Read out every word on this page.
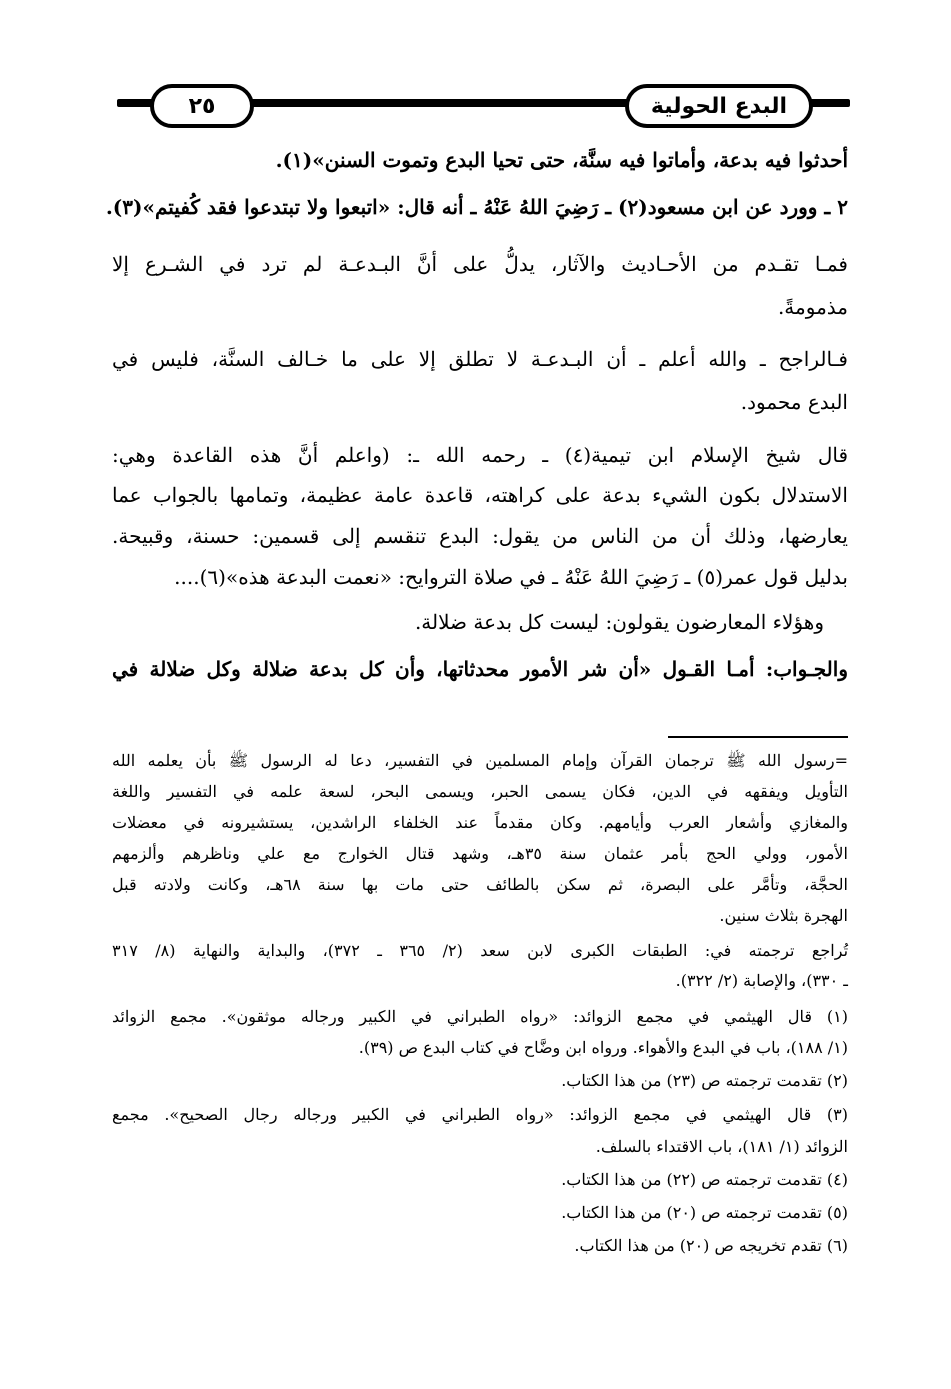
٢٥	البدع الحولية
أحدثوا فيه بدعة، وأماتوا فيه سنَّة، حتى تحيا البدع وتموت السنن»(١).
٢ ـ وورد عن ابن مسعود(٢) ـ رَضِيَ اللهُ عَنْهُ ـ أنه قال: «اتبعوا ولا تبتدعوا فقد كُفيتم»(٣).
فمـا تقـدم من الأحـاديث والآثار، يدلُّ على أنَّ البـدعـة لم ترد في الشـرع إلا
مذمومةً.
فـالراجح ـ والله أعلم ـ أن البـدعـة لا تطلق إلا على ما خـالف السنَّة، فليس في
البدع محمود.
قال شيخ الإسلام ابن تيمية(٤) ـ رحمه الله ـ: (واعلم أنَّ هذه القاعدة وهي:
الاستدلال بكون الشيء بدعة على كراهته، قاعدة عامة عظيمة، وتمامها بالجواب عما
يعارضها، وذلك أن من الناس من يقول: البدع تنقسم إلى قسمين: حسنة، وقبيحة.
بدليل قول عمر(٥) ـ رَضِيَ اللهُ عَنْهُ ـ في صلاة التروايح: «نعمت البدعة هذه»(٦)....
وهؤلاء المعارضون يقولون: ليست كل بدعة ضلالة.
والجـواب: أمـا القـول «أن شر الأمور محدثاتها، وأن كل بدعة ضلالة وكل ضلالة في
=رسول الله ﷺ ترجمان القرآن وإمام المسلمين في التفسير، دعا له الرسول ﷺ بأن يعلمه الله
التأويل ويفقهه في الدين، فكان يسمى الحبر، ويسمى البحر، لسعة علمه في التفسير واللغة
والمغازي وأشعار العرب وأيامهم. وكان مقدماً عند الخلفاء الراشدين، يستشيرونه في معضلات
الأمور، وولي الحج بأمر عثمان سنة ٣٥هـ، وشهد قتال الخوارج مع علي وناظرهم وألزمهم
الحجَّة، وتأمَّر على البصرة، ثم سكن بالطائف حتى مات بها سنة ٦٨هـ، وكانت ولادته قبل
الهجرة بثلاث سنين.
تُراجع ترجمته في: الطبقات الكبرى لابن سعد (٢/ ٣٦٥ ـ ٣٧٢)، والبداية والنهاية (٨/ ٣١٧
ـ ٣٣٠)، والإصابة (٢/ ٣٢٢).
(١) قال الهيثمي في مجمع الزوائد: «رواه الطبراني في الكبير ورجاله موثقون». مجمع الزوائد
(١/ ١٨٨)، باب في البدع والأهواء. ورواه ابن وضَّاح في كتاب البدع ص (٣٩).
(٢) تقدمت ترجمته ص (٢٣) من هذا الكتاب.
(٣) قال الهيثمي في مجمع الزوائد: «رواه الطبراني في الكبير ورجاله رجال الصحيح». مجمع
الزوائد (١/ ١٨١)، باب الاقتداء بالسلف.
(٤) تقدمت ترجمته ص (٢٢) من هذا الكتاب.
(٥) تقدمت ترجمته ص (٢٠) من هذا الكتاب.
(٦) تقدم تخريجه ص (٢٠) من هذا الكتاب.
